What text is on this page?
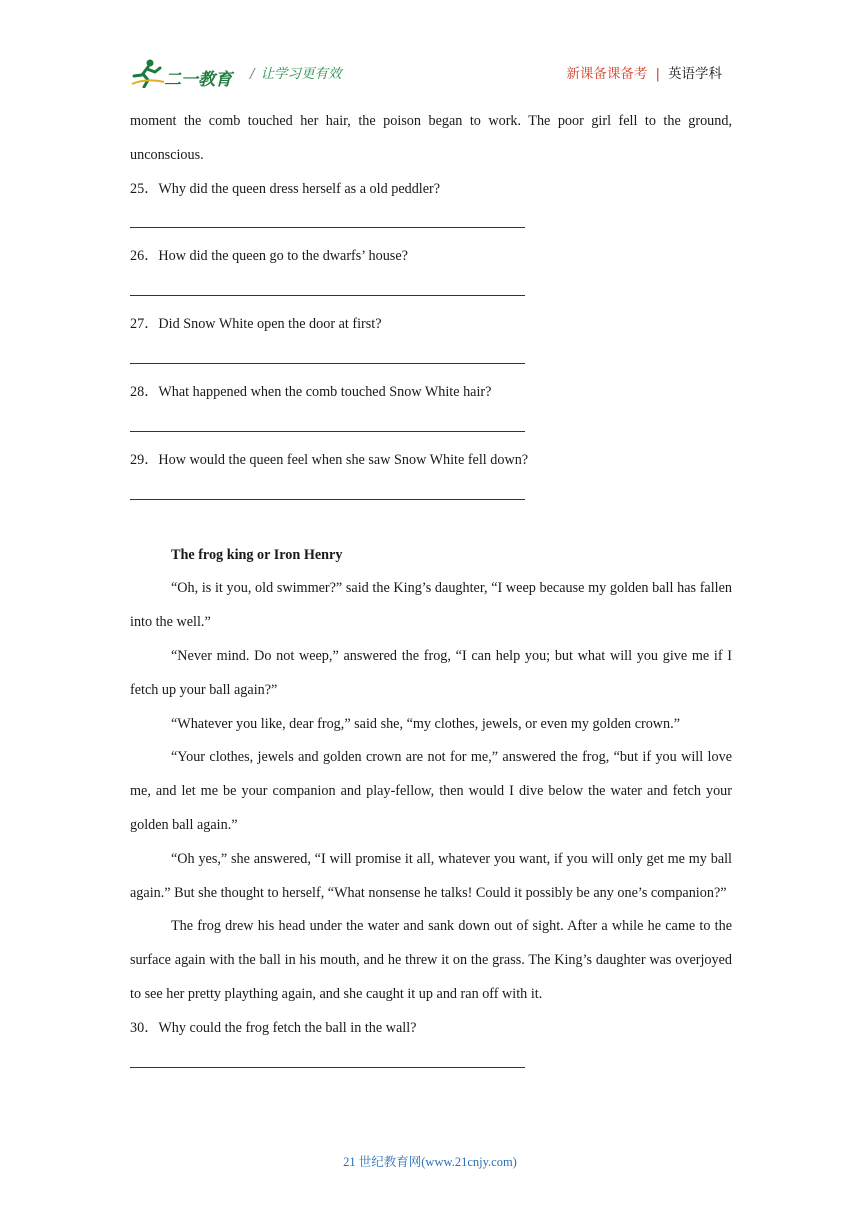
二一教育 / 让学习更有效	新课备课备考 | 英语学科

moment the comb touched her hair, the poison began to work. The poor girl fell to the ground, unconscious.

25．Why did the queen dress herself as a old peddler?

26．How did the queen go to the dwarfs’ house?

27．Did Snow White open the door at first?

28．What happened when the comb touched Snow White hair?

29．How would the queen feel when she saw Snow White fell down?

The frog king or Iron Henry

“Oh, is it you, old swimmer?” said the King’s daughter, “I weep because my golden ball has fallen into the well.”

“Never mind. Do not weep,” answered the frog, “I can help you; but what will you give me if I fetch up your ball again?”

“Whatever you like, dear frog,” said she, “my clothes, jewels, or even my golden crown.”

“Your clothes, jewels and golden crown are not for me,” answered the frog, “but if you will love me, and let me be your companion and play-fellow, then would I dive below the water and fetch your golden ball again.”

“Oh yes,” she answered, “I will promise it all, whatever you want, if you will only get me my ball again.” But she thought to herself, “What nonsense he talks! Could it possibly be any one’s companion?”

The frog drew his head under the water and sank down out of sight. After a while he came to the surface again with the ball in his mouth, and he threw it on the grass. The King’s daughter was overjoyed to see her pretty plaything again, and she caught it up and ran off with it.

30．Why could the frog fetch the ball in the wall?

21 世纪教育网(www.21cnjy.com)
